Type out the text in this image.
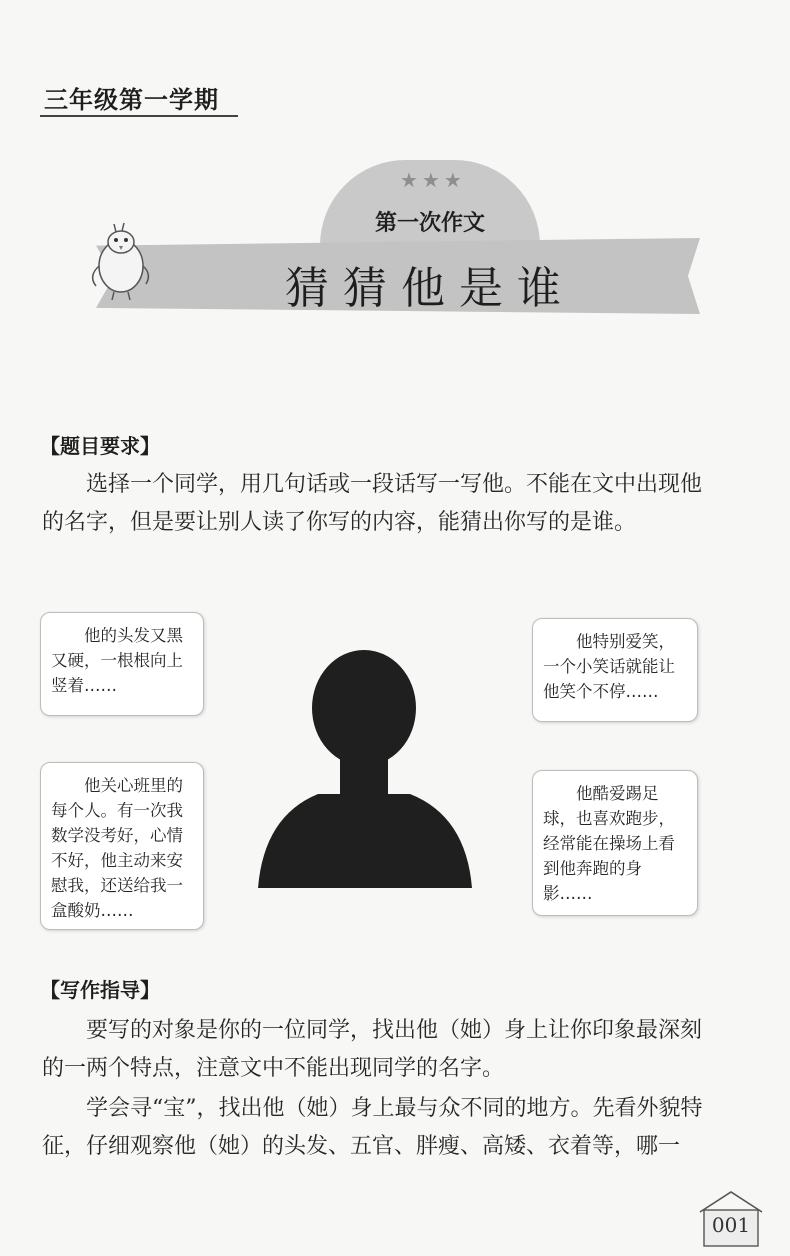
三年级第一学期
★★★
第一次作文
猜猜他是谁
【题目要求】

选择一个同学，用几句话或一段话写一写他。不能在文中出现他的名字，但是要让别人读了你写的内容，能猜出你写的是谁。

他的头发又黑又硬，一根根向上竖着……
他特别爱笑，一个小笑话就能让他笑个不停……
他关心班里的每个人。有一次我数学没考好，心情不好，他主动来安慰我，还送给我一盒酸奶……
他酷爱踢足球，也喜欢跑步，经常能在操场上看到他奔跑的身影……
【写作指导】

要写的对象是你的一位同学，找出他（她）身上让你印象最深刻的一两个特点，注意文中不能出现同学的名字。

学会寻“宝”，找出他（她）身上最与众不同的地方。先看外貌特征，仔细观察他（她）的头发、五官、胖瘦、高矮、衣着等，哪一

001
